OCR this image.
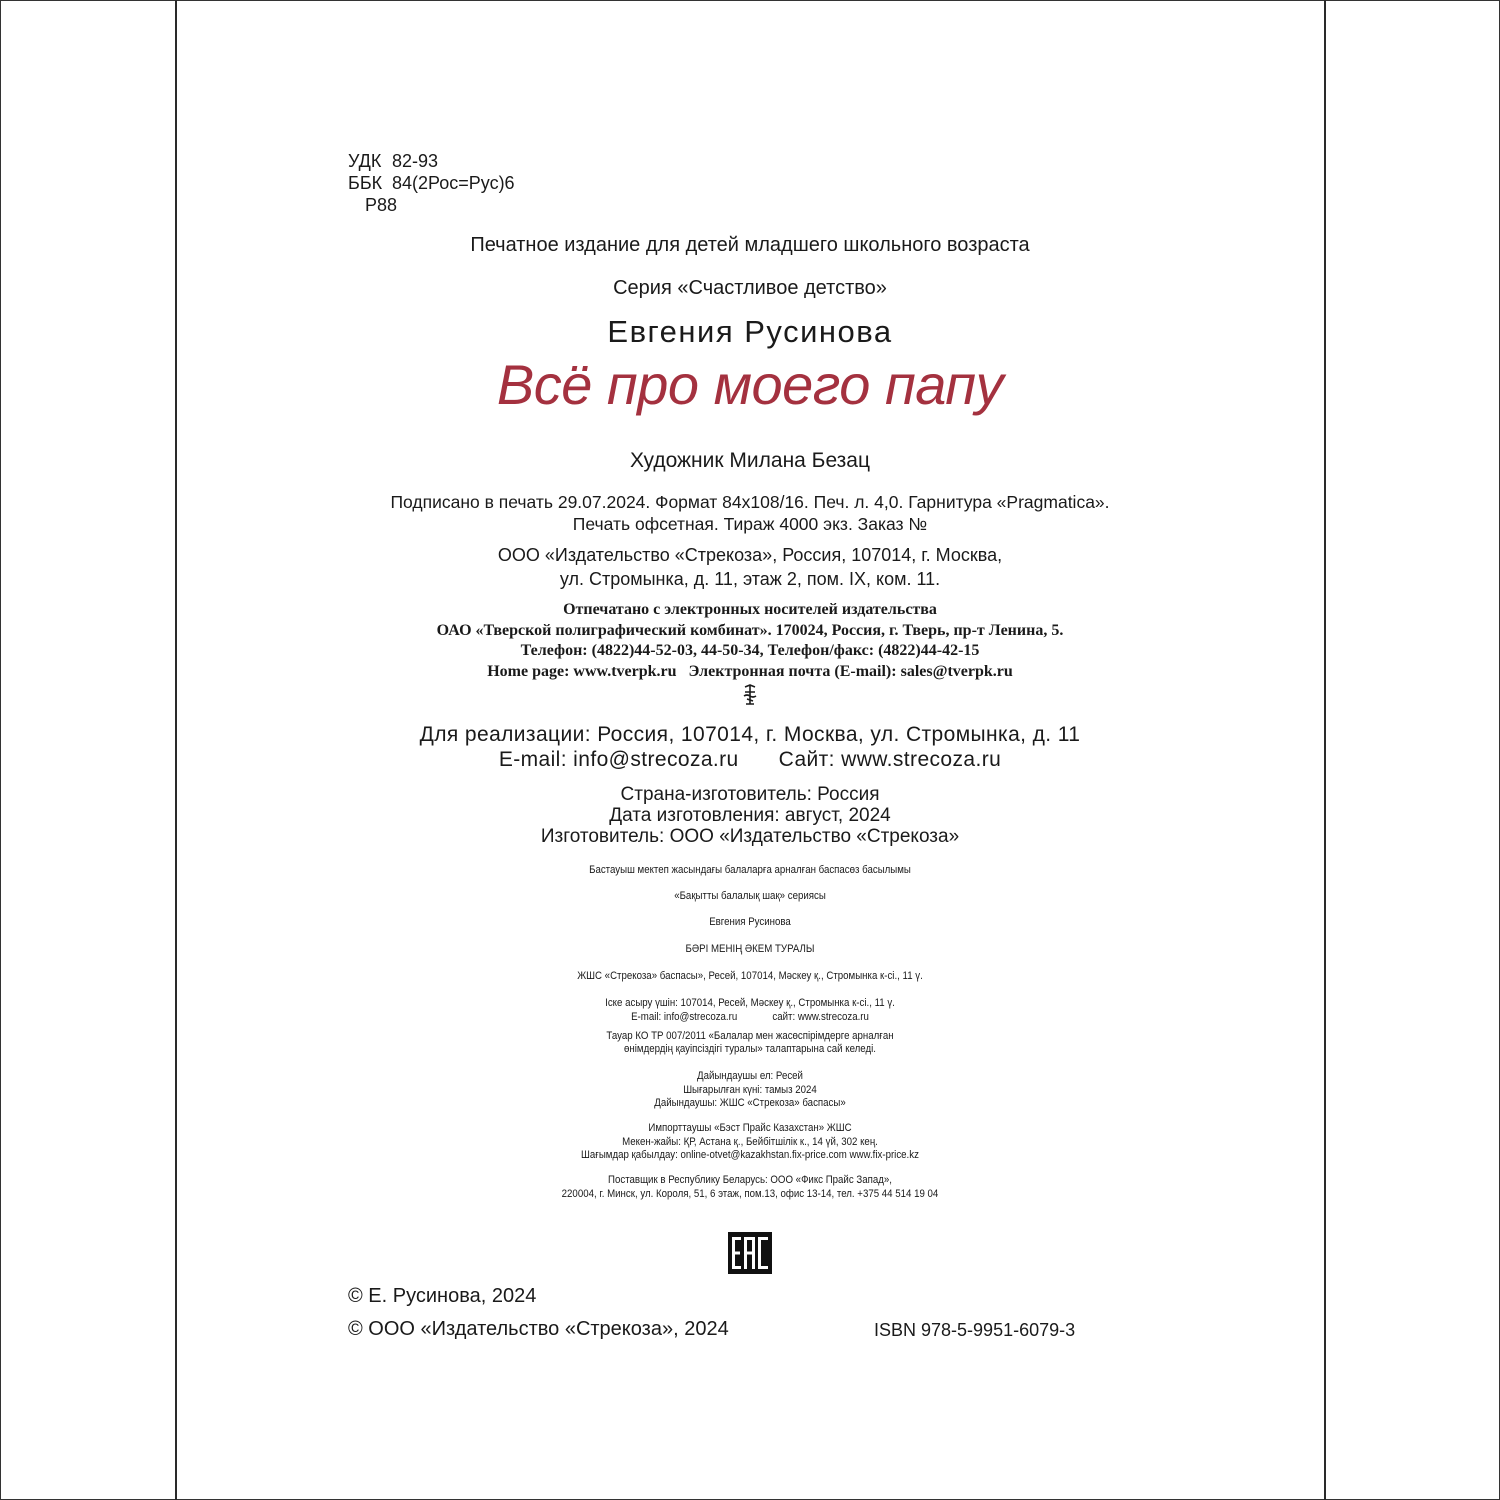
УДК 82-93
ББК 84(2Рос=Рус)6
Р88
Печатное издание для детей младшего школьного возраста
Серия «Счастливое детство»
Евгения Русинова
Всё про моего папу
Художник Милана Безац
Подписано в печать 29.07.2024. Формат 84х108/16. Печ. л. 4,0. Гарнитура «Pragmatica».
Печать офсетная. Тираж 4000 экз. Заказ №
ООО «Издательство «Стрекоза», Россия, 107014, г. Москва,
ул. Стромынка, д. 11, этаж 2, пом. IX, ком. 11.
Отпечатано с электронных носителей издательства
ОАО «Тверской полиграфический комбинат». 170024, Россия, г. Тверь, пр-т Ленина, 5.
Телефон: (4822)44-52-03, 44-50-34, Телефон/факс: (4822)44-42-15
Home page: www.tverpk.ru Электронная почта (E-mail): sales@tverpk.ru
Для реализации: Россия, 107014, г. Москва, ул. Стромынка, д. 11
E-mail: info@strecoza.ru Сайт: www.strecoza.ru
Страна-изготовитель: Россия
Дата изготовления: август, 2024
Изготовитель: ООО «Издательство «Стрекоза»
Бастауыш мектеп жасындағы балаларға арналған баспасөз басылымы
«Бақытты балалық шақ» сериясы
Евгения Русинова
БӘРІ МЕНІҢ ӘКЕМ ТУРАЛЫ
ЖШС «Стрекоза» баспасы», Ресей, 107014, Мәскеу қ., Стромынка к-сі., 11 ү.
Іске асыру үшін: 107014, Ресей, Мәскеу қ., Стромынка к-сі., 11 ү.
E-mail: info@strecoza.ru	сайт: www.strecoza.ru
Тауар КО ТР 007/2011 «Балалар мен жасөспірімдерге арналған
өнімдердің қауіпсіздігі туралы» талаптарына сай келеді.
Дайындаушы ел: Ресей
Шығарылған күні: тамыз 2024
Дайындаушы: ЖШС «Стрекоза» баспасы»
Импорттаушы «Бэст Прайс Казахстан» ЖШС
Мекен-жайы: ҚР, Астана қ., Бейбітшілік к., 14 үй, 302 кең.
Шағымдар қабылдау: online-otvet@kazakhstan.fix-price.com www.fix-price.kz
Поставщик в Республику Беларусь: ООО «Фикс Прайс Запад»,
220004, г. Минск, ул. Короля, 51, 6 этаж, пом.13, офис 13-14, тел. +375 44 514 19 04
© Е. Русинова, 2024
© ООО «Издательство «Стрекоза», 2024	ISBN 978-5-9951-6079-3
